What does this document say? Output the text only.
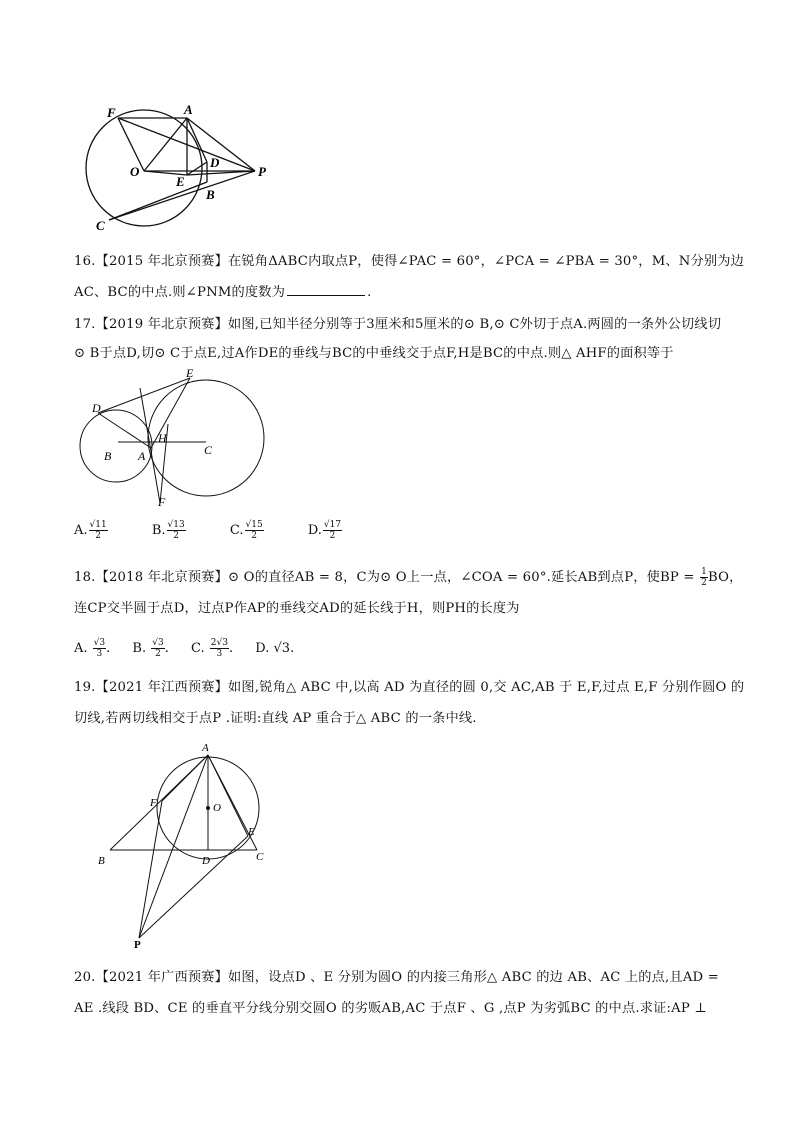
F	A
O
E
D
P
B
C
16.【2015 年北京预赛】在锐角ΔABC内取点P，使得∠PAC = 60°，∠PCA = ∠PBA = 30°，M、N分别为边
AC、BC的中点.则∠PNM的度数为	.
17.【2019 年北京预赛】如图,已知半径分别等于3厘米和5厘米的⊙ B,⊙ C外切于点A.两圆的一条外公切线切
⊙ B于点D,切⊙ C于点E,过A作DE的垂线与BC的中垂线交于点F,H是BC的中点.则△ AHF的面积等于
E
D
H
C
B A
F
A. $\frac{√11}{2}$	B. $\frac{√13}{2}$	C. $\frac{√15}{2}$	D. $\frac{√17}{2}$
18.【2018 年北京预赛】⊙ O的直径AB = 8，C为⊙ O上一点，∠COA = 60°.延长AB到点P，使BP = $\frac{1}{2}$ BO，
连CP交半圆于点D，过点P作AP的垂线交AD的延长线于H，则PH的长度为
A. $\frac{√3}{3}$ . B. $\frac{√3}{2}$ . C. $\frac{2√3}{3}$ . D. √3.
19.【2021 年江西预赛】如图,锐角△ ABC 中,以高 AD 为直径的圆 0,交 AC,AB 于 E,F,过点 E,F 分别作圆O 的
切线,若两切线相交于点P .证明:直线 AP 重合于△ ABC 的一条中线.
A
F	O
E
B	D	C
P
20.【2021 年广西预赛】如图，设点D 、E 分别为圆O 的内接三角形△ ABC 的边 AB、AC 上的点,且AD =
AE .线段 BD、CE 的垂直平分线分别交圆O 的劣贩AB,AC 于点F 、G ,点P 为劣弧BC 的中点.求证:AP ⊥
